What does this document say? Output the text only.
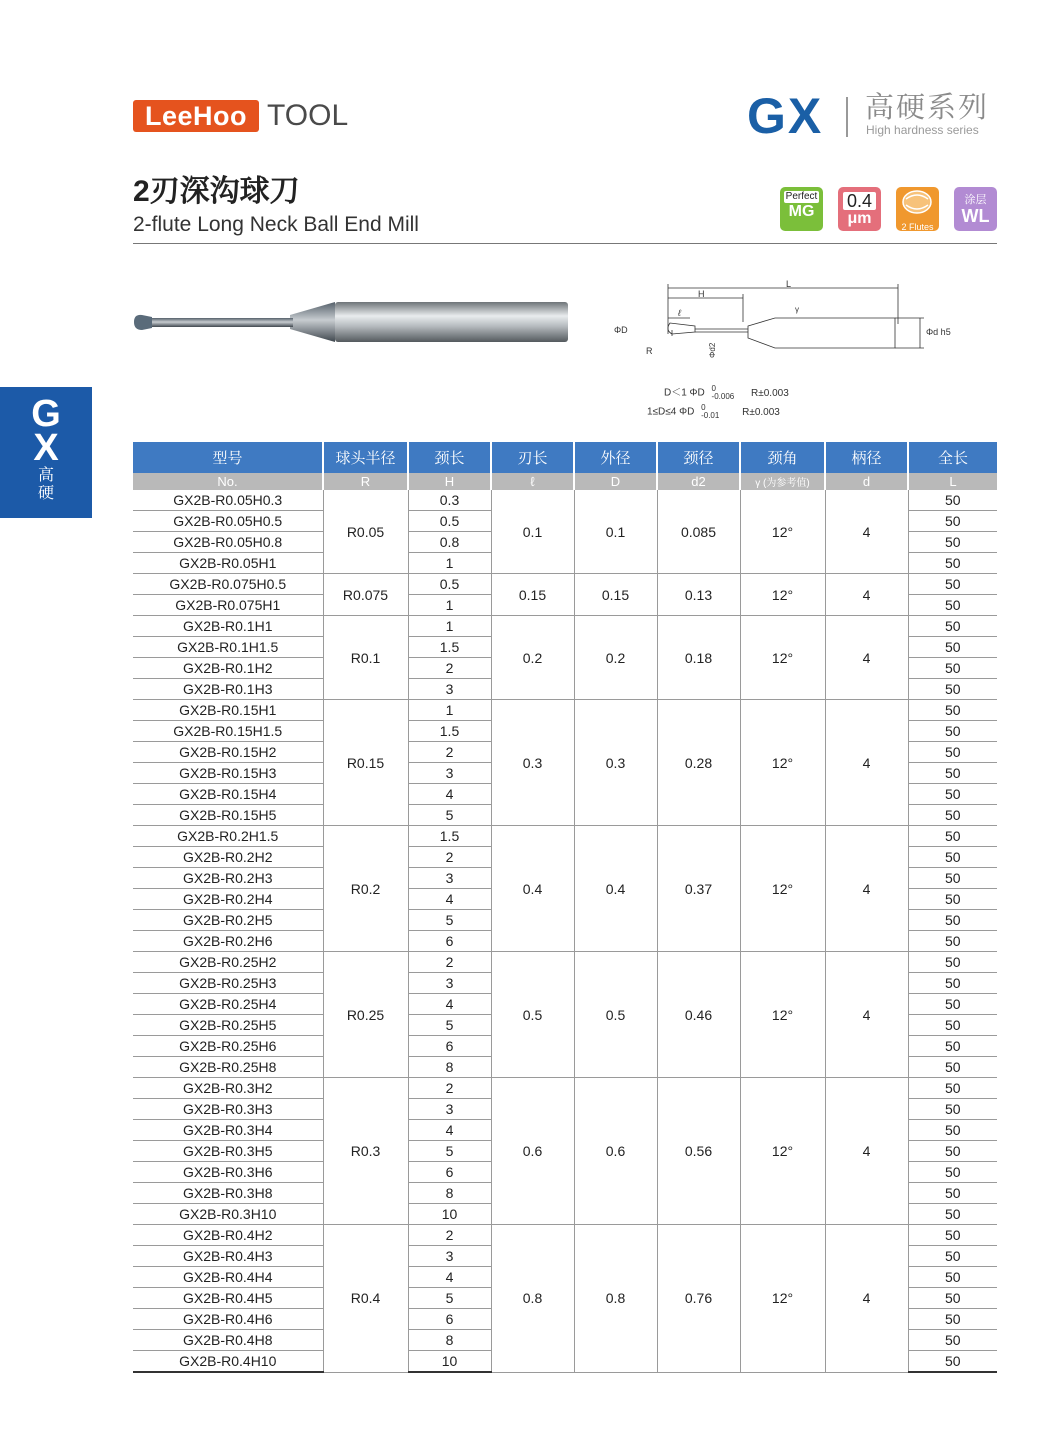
LeeHoo TOOL	GX 高硬系列
High hardness series
2刃深沟球刀
2-flute Long Neck Ball End Mill
Perfect
MG
0.4
μm	2 Flutes
涂层
WL
G
X
高
硬
L
H
ℓ	γ
ΦD
R	Φd2
Φd h5
D＜1 ΦD 0
-0.006 R±0.003
1≤D≤4 ΦD 0
-0.01 R±0.003
型号	球头半径	颈长	刃长	外径	颈径	颈角	柄径	全长
No.	R	H	ℓ	D	d2	γ (为参考值)	d	L
GX2B-R0.05H0.3	R0.05	0.3	0.1	0.1	0.085	12°	4	50
GX2B-R0.05H0.5		0.5						50
GX2B-R0.05H0.8		0.8						50
GX2B-R0.05H1		1						50
GX2B-R0.075H0.5	R0.075	0.5	0.15	0.15	0.13	12°	4	50
GX2B-R0.075H1		1						50
GX2B-R0.1H1	R0.1	1	0.2	0.2	0.18	12°	4	50
GX2B-R0.1H1.5		1.5						50
GX2B-R0.1H2		2						50
GX2B-R0.1H3		3						50
GX2B-R0.15H1	R0.15	1	0.3	0.3	0.28	12°	4	50
GX2B-R0.15H1.5		1.5						50
GX2B-R0.15H2		2						50
GX2B-R0.15H3		3						50
GX2B-R0.15H4		4						50
GX2B-R0.15H5		5						50
GX2B-R0.2H1.5	R0.2	1.5	0.4	0.4	0.37	12°	4	50
GX2B-R0.2H2		2						50
GX2B-R0.2H3		3						50
GX2B-R0.2H4		4						50
GX2B-R0.2H5		5						50
GX2B-R0.2H6		6						50
GX2B-R0.25H2	R0.25	2	0.5	0.5	0.46	12°	4	50
GX2B-R0.25H3		3						50
GX2B-R0.25H4		4						50
GX2B-R0.25H5		5						50
GX2B-R0.25H6		6						50
GX2B-R0.25H8		8						50
GX2B-R0.3H2	R0.3	2	0.6	0.6	0.56	12°	4	50
GX2B-R0.3H3		3						50
GX2B-R0.3H4		4						50
GX2B-R0.3H5		5						50
GX2B-R0.3H6		6						50
GX2B-R0.3H8		8						50
GX2B-R0.3H10		10						50
GX2B-R0.4H2	R0.4	2	0.8	0.8	0.76	12°	4	50
GX2B-R0.4H3		3						50
GX2B-R0.4H4		4						50
GX2B-R0.4H5		5						50
GX2B-R0.4H6		6						50
GX2B-R0.4H8		8						50
GX2B-R0.4H10		10						50
